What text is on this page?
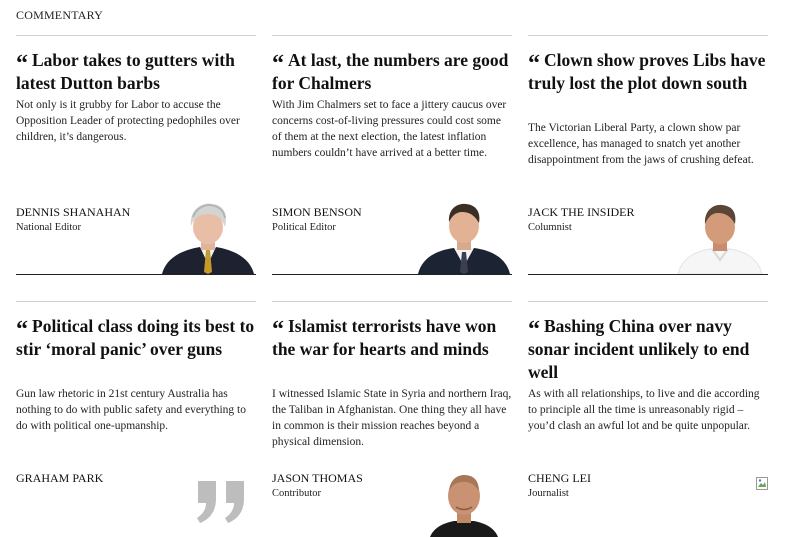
COMMENTARY
“ Labor takes to gutters with latest Dutton barbs

Not only is it grubby for Labor to accuse the Opposition Leader of protecting pedophiles over children, it’s dangerous.

DENNIS SHANAHAN
National Editor
“ At last, the numbers are good for Chalmers

With Jim Chalmers set to face a jittery caucus over concerns cost-of-living pressures could cost some of them at the next election, the latest inflation numbers couldn’t have arrived at a better time.

SIMON BENSON
Political Editor
“ Clown show proves Libs have truly lost the plot down south

The Victorian Liberal Party, a clown show par excellence, has managed to snatch yet another disappointment from the jaws of crushing defeat.

JACK THE INSIDER
Columnist
“ Political class doing its best to stir ‘moral panic’ over guns

Gun law rhetoric in 21st century Australia has nothing to do with public safety and everything to do with political one-upmanship.

GRAHAM PARK
“ Islamist terrorists have won the war for hearts and minds

I witnessed Islamic State in Syria and northern Iraq, the Taliban in Afghanistan. One thing they all have in common is their mission reaches beyond a physical dimension.

JASON THOMAS
Contributor
“ Bashing China over navy sonar incident unlikely to end well

As with all relationships, to live and die according to principle all the time is unreasonably rigid – you’d clash an awful lot and be quite unpopular.

CHENG LEI
Journalist
